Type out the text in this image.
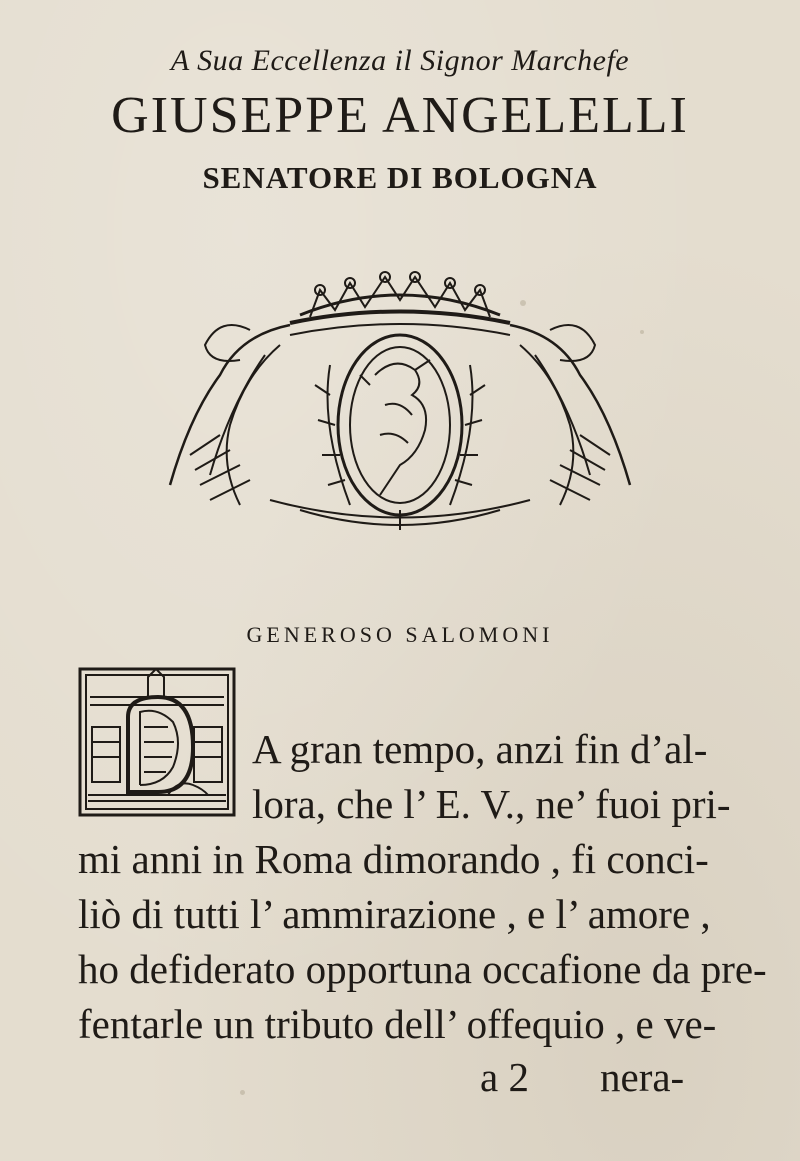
A Sua Eccellenza il Signor Marchefe
GIUSEPPE ANGELELLI
SENATORE DI BOLOGNA
GENEROSO SALOMONI
A gran tempo, anzi fin d’al-
lora, che l’ E. V., ne’ fuoi pri-
mi anni in Roma dimorando , fi conci-
liò di tutti l’ ammirazione , e l’ amore ,
ho defiderato opportuna occafione da pre-
fentarle un tributo dell’ offequio , e ve-
a 2 nera-
